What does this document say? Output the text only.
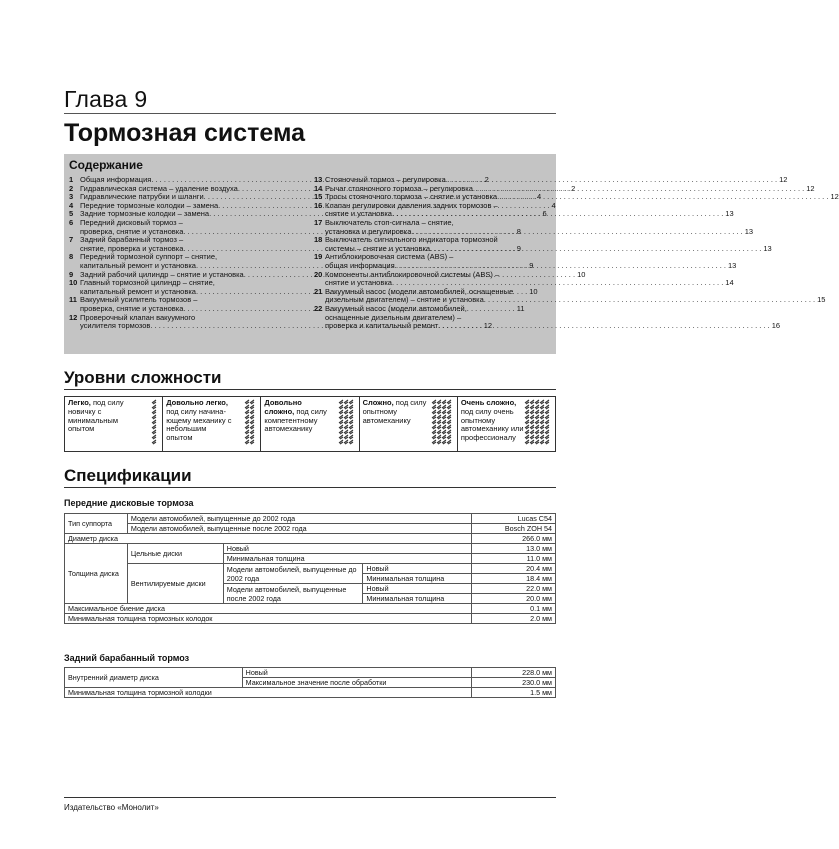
Глава 9
Тормозная система
Содержание
1 Общая информация . . .	2
2 Гидравлическая система – удаление воздуха . . .	2
3 Гидравлические патрубки и шланги . . .	4
4 Передние тормозные колодки – замена . . .	4
5 Задние тормозные колодки – замена . . .	6
6 Передний дисковый тормоз –
проверка, снятие и установка . . .	8
7 Задний барабанный тормоз –
снятие, проверка и установка . . .	9
8 Передний тормозной суппорт – снятие,
капитальный ремонт и установка . . .	9
9 Задний рабочий цилиндр – снятие и установка . . .	10
10 Главный тормозной цилиндр – снятие,
капитальный ремонт и установка . . .	10
11 Вакуумный усилитель тормозов –
проверка, снятие и установка . . .	11
12 Проверочный клапан вакуумного
усилителя тормозов . . .	12
13 Стояночный тормоз – регулировка . . .	12
14 Рычаг стояночного тормоза – регулировка . . .	12
15 Тросы стояночного тормоза – снятие и установка . . .	12
16 Клапан регулировки давления задних тормозов –
снятие и установка . . .	13
17 Выключатель стоп-сигнала – снятие,
установка и регулировка . . .	13
18 Выключатель сигнального индикатора тормозной
системы – снятие и установка . . .	13
19 Антиблокировочная система (ABS) –
общая информация . . .	13
20 Компоненты антиблокировочной системы (ABS) –
снятие и установка . . .	14
21 Вакуумный насос (модели автомобилей, оснащенные
дизельным двигателем) – снятие и установка . . .	15
22 Вакуумный насос (модели автомобилей,
оснащенные дизельным двигателем) –
проверка и капитальный ремонт . . .	16
Уровни сложности
Легко, под силу новичку с минимальным опытом
Довольно легко, под силу начина- ющему механику с небольшим опытом
Довольно сложно, под силу компетентному автомеханику
Сложно, под силу опытному автомеханику
Очень сложно, под силу очень опытному автомеханику или профессионалу
Спецификации
Передние дисковые тормоза
Тип суппорта	Модели автомобилей, выпущенные до 2002 года			Lucas C54
	Модели автомобилей, выпущенные после 2002 года			Bosch ZOH 54
Диаметр диска				266.0 мм
Толщина диска	Цельные диски	Новый		13.0 мм
		Минимальная толщина		11.0 мм
	Вентилируемые диски	Модели автомобилей, выпущенные до 2002 года	Новый	20.4 мм
			Минимальная толщина	18.4 мм
		Модели автомобилей, выпущенные после 2002 года	Новый	22.0 мм
			Минимальная толщина	20.0 мм
Максимальное биение диска				0.1 мм
Минимальная толщина тормозных колодок				2.0 мм
Задний барабанный тормоз
Внутренний диаметр диска	Новый	228.0 мм
	Максимальное значение после обработки	230.0 мм
Минимальная толщина тормозной колодки		1.5 мм
Издательство «Монолит»
